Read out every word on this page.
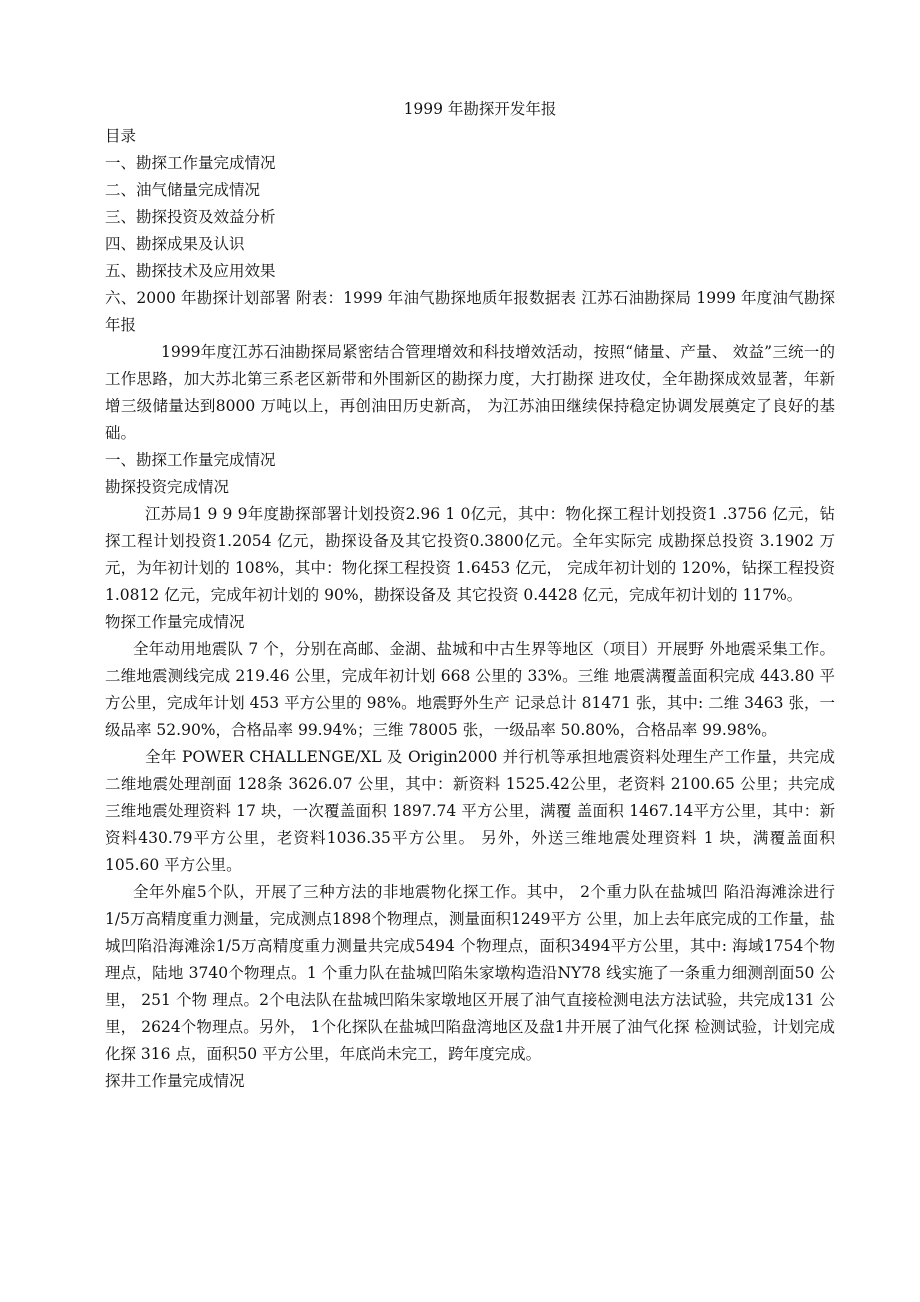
1999 年勘探开发年报

目录

一、勘探工作量完成情况

二、油气储量完成情况

三、勘探投资及效益分析

四、勘探成果及认识

五、勘探技术及应用效果

六、2000 年勘探计划部署 附表：1999 年油气勘探地质年报数据表 江苏石油勘探局 1999 年度油气勘探年报

1999年度江苏石油勘探局紧密结合管理增效和科技增效活动，按照“储量、产量、 效益”三统一的工作思路，加大苏北第三系老区新带和外围新区的勘探力度，大打勘探 进攻仗，全年勘探成效显著，年新增三级储量达到8000 万吨以上，再创油田历史新高， 为江苏油田继续保持稳定协调发展奠定了良好的基础。

一、勘探工作量完成情况

勘探投资完成情况

江苏局1 9 9 9年度勘探部署计划投资2.96 1 0亿元，其中：物化探工程计划投资1 .3756 亿元，钻探工程计划投资1.2054 亿元，勘探设备及其它投资0.3800亿元。全年实际完 成勘探总投资 3.1902 万元，为年初计划的 108%，其中：物化探工程投资 1.6453 亿元， 完成年初计划的 120%，钻探工程投资 1.0812 亿元，完成年初计划的 90%，勘探设备及 其它投资 0.4428 亿元，完成年初计划的 117%。

物探工作量完成情况

全年动用地震队 7 个，分别在高邮、金湖、盐城和中古生界等地区（项目）开展野 外地震采集工作。二维地震测线完成 219.46 公里，完成年初计划 668 公里的 33%。三维 地震满覆盖面积完成 443.80 平方公里，完成年计划 453 平方公里的 98%。地震野外生产 记录总计 81471 张，其中: 二维 3463 张，一级品率 52.90%，合格品率 99.94%；三维 78005 张，一级品率 50.80%，合格品率 99.98%。

全年 POWER CHALLENGE/XL 及 Origin2000 并行机等承担地震资料处理生产工作量，共完成二维地震处理剖面 128条 3626.07 公里，其中：新资料 1525.42公里，老资料 2100.65 公里；共完成三维地震处理资料 17 块，一次覆盖面积 1897.74 平方公里，满覆 盖面积 1467.14平方公里，其中：新资料430.79平方公里，老资料1036.35平方公里。 另外，外送三维地震处理资料 1 块，满覆盖面积105.60 平方公里。

全年外雇5个队，开展了三种方法的非地震物化探工作。其中， 2个重力队在盐城凹 陷沿海滩涂进行1/5万高精度重力测量，完成测点1898个物理点，测量面积1249平方 公里，加上去年底完成的工作量，盐城凹陷沿海滩涂1/5万高精度重力测量共完成5494 个物理点，面积3494平方公里，其中: 海域1754个物理点，陆地 3740个物理点。1 个重力队在盐城凹陷朱家墩构造沿NY78 线实施了一条重力细测剖面50 公里， 251 个物 理点。2个电法队在盐城凹陷朱家墩地区开展了油气直接检测电法方法试验，共完成131 公里， 2624个物理点。另外， 1个化探队在盐城凹陷盘湾地区及盘1井开展了油气化探 检测试验，计划完成化探 316 点，面积50 平方公里，年底尚未完工，跨年度完成。

探井工作量完成情况
